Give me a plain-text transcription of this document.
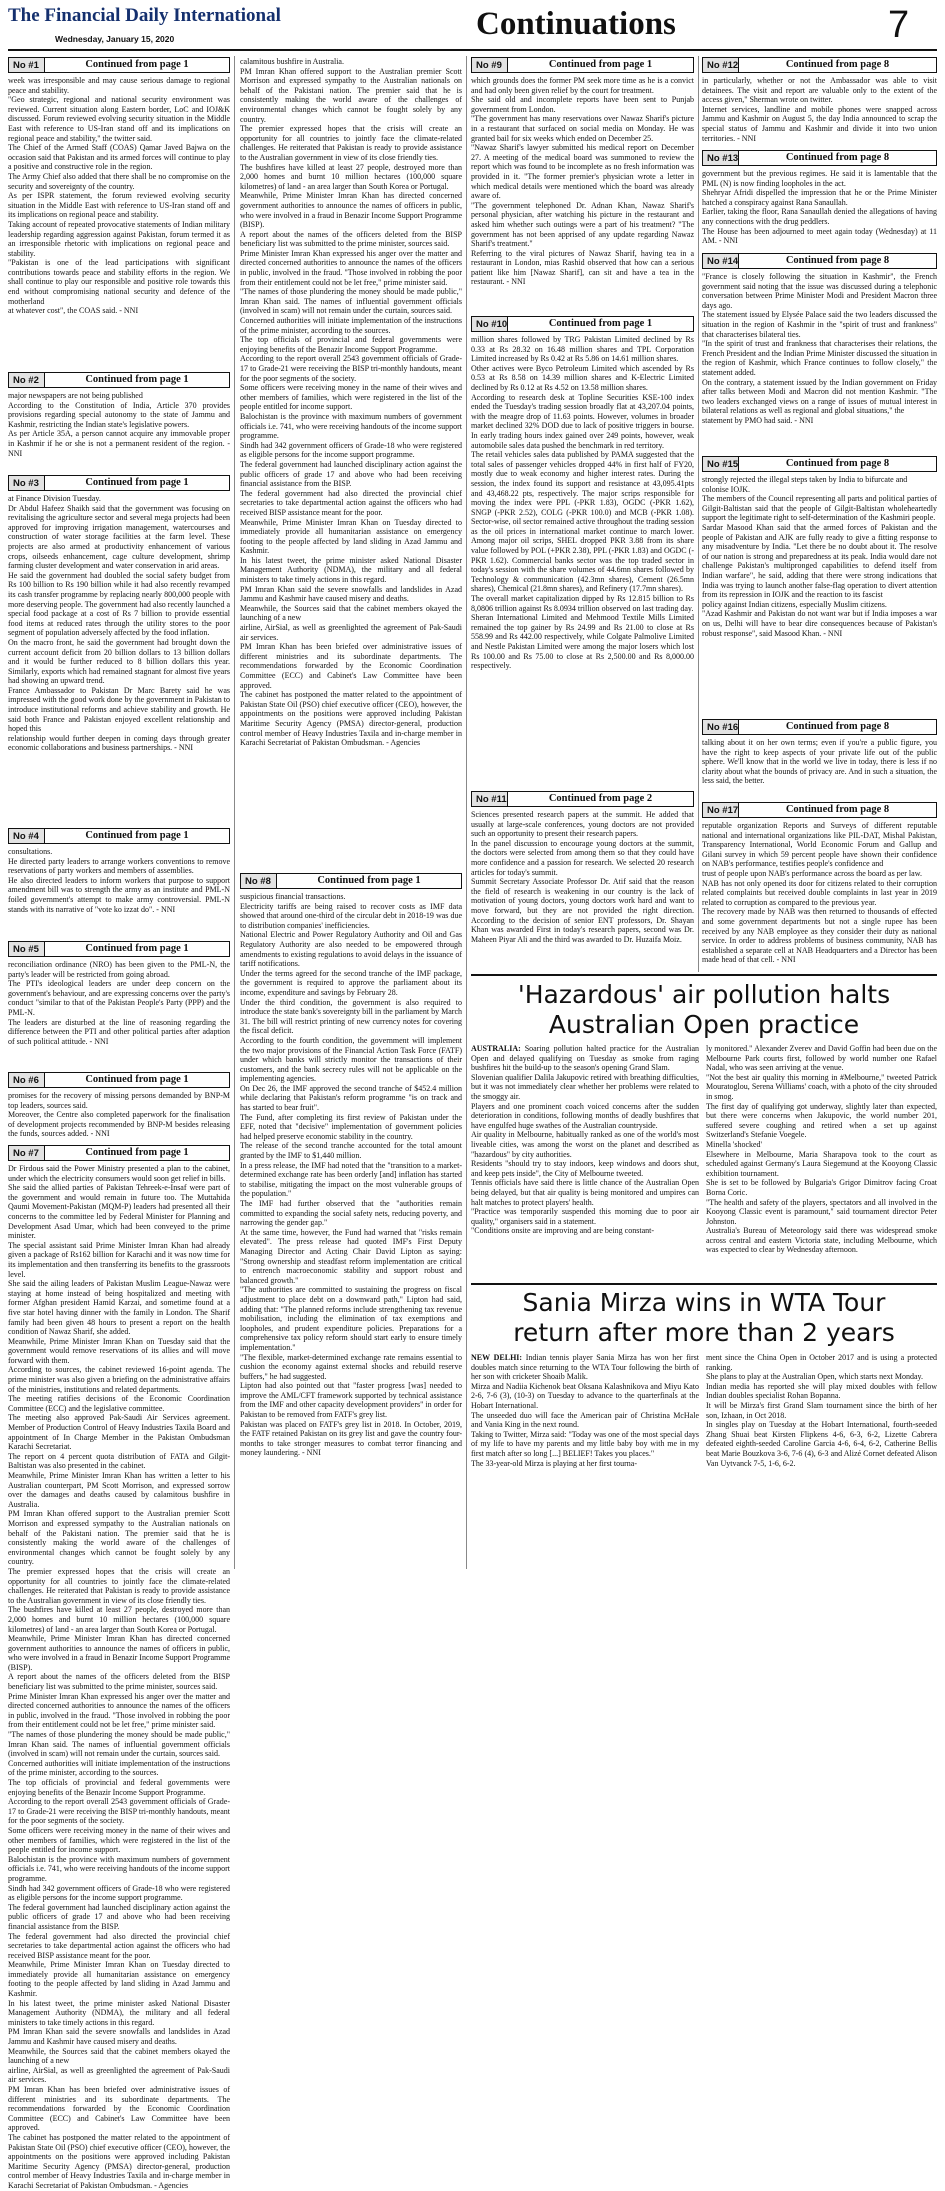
The Financial Daily International
Wednesday, January 15, 2020	Continuations	7
No #1	Continued from page 1
week was irresponsible and may cause serious damage to regional peace and stability.
"Geo strategic, regional and national security environment was reviewed. Current situation along Eastern border, LoC and IOJ&K discussed. Forum reviewed evolving security situation in the Middle East with reference to US-Iran stand off and its implications on regional peace and stability," the twitter said.
The Chief of the Armed Staff (COAS) Qamar Javed Bajwa on the occasion said that Pakistan and its armed forces will continue to play a positive and constructive role in the region.
The Army Chief also added that there shall be no compromise on the security and sovereignty of the country.
As per ISPR statement, the forum reviewed evolving security situation in the Middle East with reference to US-Iran stand off and its implications on regional peace and stability.
Taking account of repeated provocative statements of Indian military leadership regarding aggression against Pakistan, forum termed it as an irresponsible rhetoric with implications on regional peace and stability.
"Pakistan is one of the lead participations with significant contributions towards peace and stability efforts in the region. We shall continue to play our responsible and positive role towards this end without compromising national security and defence of the motherland
at whatever cost", the COAS said. - NNI
No #2	Continued from page 1
major newspapers are not being published
According to the Constitution of India, Article 370 provides provisions regarding special autonomy to the state of Jammu and Kashmir, restricting the Indian state's legislative powers.
As per Article 35A, a person cannot acquire any immovable proper in Kashmir if he or she is not a permanent resident of the region. - NNI
No #3	Continued from page 1
at Finance Division Tuesday.
Dr Abdul Hafeez Shaikh said that the government was focusing on revitalising the agriculture sector and several mega projects had been approved for improving irrigation management, watercourses and construction of water storage facilities at the farm level. These projects are also armed at productivity enhancement of various crops, oilseeds enhancement, cage culture development, shrimp farming cluster development and water conservation in arid areas.
He said the government had doubled the social safety budget from Rs 100 billion to Rs 190 billion while it had also recently revamped its cash transfer programme by replacing nearly 800,000 people with more deserving people. The government had also recently launched a special food package at a cost of Rs 7 billion to provide essential food items at reduced rates through the utility stores to the poor segment of population adversely affected by the food inflation.
On the macro front, he said the government had brought down the current account deficit from 20 billion dollars to 13 billion dollars and it would be further reduced to 8 billion dollars this year. Similarly, exports which had remained stagnant for almost five years had showing an upward trend.
France Ambassador to Pakistan Dr Marc Barety said he was impressed with the good work done by the government in Pakistan to introduce institutional reforms and achieve stability and growth. He said both France and Pakistan enjoyed excellent relationship and hoped this
relationship would further deepen in coming days through greater economic collaborations and business partnerships. - NNI
No #4	Continued from page 1
consultations.
He directed party leaders to arrange workers conventions to remove reservations of party workers and members of assemblies.
He also directed leaders to inform workers that purpose to support amendment bill was to strength the army as an institute and PML-N foiled government's attempt to make army controversial. PML-N stands with its narrative of "vote ko izzat do". - NNI
No #5	Continued from page 1
reconciliation ordinance (NRO) has been given to the PML-N, the party's leader will be restricted from going abroad.
The PTI's ideological leaders are under deep concern on the government's behaviour, and are expressing concerns over the party's conduct "similar to that of the Pakistan People's Party (PPP) and the PML-N.
The leaders are disturbed at the line of reasoning regarding the difference between the PTI and other political parties after adaption of such political attitude. - NNI
No #6	Continued from page 1
promises for the recovery of missing persons demanded by BNP-M top leaders, sources said.
Moreover, the Centre also completed paperwork for the finalisation of development projects recommended by BNP-M besides releasing the funds, sources added. - NNI
No #7	Continued from page 1
Dr Firdous said the Power Ministry presented a plan to the cabinet, under which the electricity consumers would soon get relief in bills.
She said the allied parties of Pakistan Tehreek-e-Insaf were part of the government and would remain in future too. The Muttahida Qaumi Movement-Pakistan (MQM-P) leaders had presented all their concerns to the committee led by Federal Minister for Planning and Development Asad Umar, which had been conveyed to the prime minister.
The special assistant said Prime Minister Imran Khan had already given a package of Rs162 billion for Karachi and it was now time for its implementation and then transferring its benefits to the grassroots level.
She said the ailing leaders of Pakistan Muslim League-Nawaz were staying at home instead of being hospitalized and meeting with former Afghan president Hamid Karzai, and sometime found at a five star hotel having dinner with the family in London. The Sharif family had been given 48 hours to present a report on the health condition of Nawaz Sharif, she added.
Meanwhile, Prime Minister Imran Khan on Tuesday said that the government would remove reservations of its allies and will move forward with them.
According to sources, the cabinet reviewed 16-point agenda. The prime minister was also given a briefing on the administrative affairs of the ministries, institutions and related departments.
The meeting ratifies decisions of the Economic Coordination Committee (ECC) and the legislative committee.
The meeting also approved Pak-Saudi Air Services agreement. Member of Production Control of Heavy Industries Taxila Board and appointment of In Charge Member in the Pakistan Ombudsman Karachi Secretariat.
The report on 4 percent quota distribution of FATA and Gilgit-Baltistan was also presented in the cabinet.
Meanwhile, Prime Minister Imran Khan has written a letter to his Australian counterpart, PM Scott Morrison, and expressed sorrow over the damages and deaths caused by calamitous bushfire in Australia.
PM Imran Khan offered support to the Australian premier Scott Morrison and expressed sympathy to the Australian nationals on behalf of the Pakistani nation. The premier said that he is consistently making the world aware of the challenges of environmental changes which cannot be fought solely by any country.
The premier expressed hopes that the crisis will create an opportunity for all countries to jointly face the climate-related challenges. He reiterated that Pakistan is ready to provide assistance to the Australian government in view of its close friendly ties.
The bushfires have killed at least 27 people, destroyed more than 2,000 homes and burnt 10 million hectares (100,000 square kilometres) of land - an area larger than South Korea or Portugal.
Meanwhile, Prime Minister Imran Khan has directed concerned government authorities to announce the names of officers in public, who were involved in a fraud in Benazir Income Support Programme (BISP).
A report about the names of the officers deleted from the BISP beneficiary list was submitted to the prime minister, sources said.
Prime Minister Imran Khan expressed his anger over the matter and directed concerned authorities to announce the names of the officers in public, involved in the fraud. "Those involved in robbing the poor from their entitlement could not be let free," prime minister said.
"The names of those plundering the money should be made public," Imran Khan said. The names of influential government officials (involved in scam) will not remain under the curtain, sources said.
Concerned authorities will initiate implementation of the instructions of the prime minister, according to the sources.
The top officials of provincial and federal governments were enjoying benefits of the Benazir Income Support Programme.
According to the report overall 2543 government officials of Grade-17 to Grade-21 were receiving the BISP tri-monthly handouts, meant for the poor segments of the society.
Some officers were receiving money in the name of their wives and other members of families, which were registered in the list of the people entitled for income support.
Balochistan is the province with maximum numbers of government officials i.e. 741, who were receiving handouts of the income support programme.
Sindh had 342 government officers of Grade-18 who were registered as eligible persons for the income support programme.
The federal government had launched disciplinary action against the public officers of grade 17 and above who had been receiving financial assistance from the BISP.
The federal government had also directed the provincial chief secretaries to take departmental action against the officers who had received BISP assistance meant for the poor.
Meanwhile, Prime Minister Imran Khan on Tuesday directed to immediately provide all humanitarian assistance on emergency footing to the people affected by land sliding in Azad Jammu and Kashmir.
In his latest tweet, the prime minister asked National Disaster Management Authority (NDMA), the military and all federal ministers to take timely actions in this regard.
PM Imran Khan said the severe snowfalls and landslides in Azad Jammu and Kashmir have caused misery and deaths.
Meanwhile, the Sources said that the cabinet members okayed the launching of a new
airline, AirSial, as well as greenlighted the agreement of Pak-Saudi air services.
PM Imran Khan has been briefed over administrative issues of different ministries and its subordinate departments. The recommendations forwarded by the Economic Coordination Committee (ECC) and Cabinet's Law Committee have been approved.
The cabinet has postponed the matter related to the appointment of Pakistan State Oil (PSO) chief executive officer (CEO), however, the appointments on the positions were approved including Pakistan Maritime Security Agency (PMSA) director-general, production control member of Heavy Industries Taxila and in-charge member in Karachi Secretariat of Pakistan Ombudsman. - Agencies
calamitous bushfire in Australia.
PM Imran Khan offered support to the Australian premier Scott Morrison and expressed sympathy to the Australian nationals on behalf of the Pakistani nation. The premier said that he is consistently making the world aware of the challenges of environmental changes which cannot be fought solely by any country.
The premier expressed hopes that the crisis will create an opportunity for all countries to jointly face the climate-related challenges. He reiterated that Pakistan is ready to provide assistance to the Australian government in view of its close friendly ties.
The bushfires have killed at least 27 people, destroyed more than 2,000 homes and burnt 10 million hectares (100,000 square kilometres) of land - an area larger than South Korea or Portugal.
Meanwhile, Prime Minister Imran Khan has directed concerned government authorities to announce the names of officers in public, who were involved in a fraud in Benazir Income Support Programme (BISP).
A report about the names of the officers deleted from the BISP beneficiary list was submitted to the prime minister, sources said.
Prime Minister Imran Khan expressed his anger over the matter and directed concerned authorities to announce the names of the officers in public, involved in the fraud. "Those involved in robbing the poor from their entitlement could not be let free," prime minister said.
"The names of those plundering the money should be made public," Imran Khan said. The names of influential government officials (involved in scam) will not remain under the curtain, sources said.
Concerned authorities will initiate implementation of the instructions of the prime minister, according to the sources.
The top officials of provincial and federal governments were enjoying benefits of the Benazir Income Support Programme.
According to the report overall 2543 government officials of Grade-17 to Grade-21 were receiving the BISP tri-monthly handouts, meant for the poor segments of the society.
Some officers were receiving money in the name of their wives and other members of families, which were registered in the list of the people entitled for income support.
Balochistan is the province with maximum numbers of government officials i.e. 741, who were receiving handouts of the income support programme.
Sindh had 342 government officers of Grade-18 who were registered as eligible persons for the income support programme.
The federal government had launched disciplinary action against the public officers of grade 17 and above who had been receiving financial assistance from the BISP.
The federal government had also directed the provincial chief secretaries to take departmental action against the officers who had received BISP assistance meant for the poor.
Meanwhile, Prime Minister Imran Khan on Tuesday directed to immediately provide all humanitarian assistance on emergency footing to the people affected by land sliding in Azad Jammu and Kashmir.
In his latest tweet, the prime minister asked National Disaster Management Authority (NDMA), the military and all federal ministers to take timely actions in this regard.
PM Imran Khan said the severe snowfalls and landslides in Azad Jammu and Kashmir have caused misery and deaths.
Meanwhile, the Sources said that the cabinet members okayed the launching of a new
airline, AirSial, as well as greenlighted the agreement of Pak-Saudi air services.
PM Imran Khan has been briefed over administrative issues of different ministries and its subordinate departments. The recommendations forwarded by the Economic Coordination Committee (ECC) and Cabinet's Law Committee have been approved.
The cabinet has postponed the matter related to the appointment of Pakistan State Oil (PSO) chief executive officer (CEO), however, the appointments on the positions were approved including Pakistan Maritime Security Agency (PMSA) director-general, production control member of Heavy Industries Taxila and in-charge member in Karachi Secretariat of Pakistan Ombudsman. - Agencies
No #8	Continued from page 1
suspicious financial transactions.
Electricity tariffs are being raised to recover costs as IMF data showed that around one-third of the circular debt in 2018-19 was due to distribution companies' inefficiencies.
National Electric and Power Regulatory Authority and Oil and Gas Regulatory Authority are also needed to be empowered through amendments to existing regulations to avoid delays in the issuance of tariff notifications.
Under the terms agreed for the second tranche of the IMF package, the government is required to approve the parliament about its income, expenditure and savings by February 28.
Under the third condition, the government is also required to introduce the state bank's sovereignty bill in the parliament by March 31. The bill will restrict printing of new currency notes for covering the fiscal deficit.
According to the fourth condition, the government will implement the two major provisions of the Financial Action Task Force (FATF) under which banks will strictly monitor the transactions of their customers, and the bank secrecy rules will not be applicable on the implementing agencies.
On Dec 26, the IMF approved the second tranche of $452.4 million while declaring that Pakistan's reform programme "is on track and has started to bear fruit".
The Fund, after completing its first review of Pakistan under the EFF, noted that "decisive" implementation of government policies had helped preserve economic stability in the country.
The release of the second tranche accounted for the total amount granted by the IMF to $1,440 million.
In a press release, the IMF had noted that the "transition to a market-determined exchange rate has been orderly [and] inflation has started to stabilise, mitigating the impact on the most vulnerable groups of the population."
The IMF had further observed that the "authorities remain committed to expanding the social safety nets, reducing poverty, and narrowing the gender gap."
At the same time, however, the Fund had warned that "risks remain elevated". The press release had quoted IMF's First Deputy Managing Director and Acting Chair David Lipton as saying: "Strong ownership and steadfast reform implementation are critical to entrench macroeconomic stability and support robust and balanced growth."
"The authorities are committed to sustaining the progress on fiscal adjustment to place debt on a downward path," Lipton had said, adding that: "The planned reforms include strengthening tax revenue mobilisation, including the elimination of tax exemptions and loopholes, and prudent expenditure policies. Preparations for a comprehensive tax policy reform should start early to ensure timely implementation."
"The flexible, market-determined exchange rate remains essential to cushion the economy against external shocks and rebuild reserve buffers," he had suggested.
Lipton had also pointed out that "faster progress [was] needed to improve the AML/CFT framework supported by technical assistance from the IMF and other capacity development providers" in order for Pakistan to be removed from FATF's grey list.
Pakistan was placed on FATF's grey list in 2018. In October, 2019, the FATF retained Pakistan on its grey list and gave the country four-months to take stronger measures to combat terror financing and money laundering. - NNI
No #9	Continued from page 1
which grounds does the former PM seek more time as he is a convict and had only been given relief by the court for treatment.
She said old and incomplete reports have been sent to Punjab government from London.
"The government has many reservations over Nawaz Sharif's picture in a restaurant that surfaced on social media on Monday. He was granted bail for six weeks which ended on December 25.
"Nawaz Sharif's lawyer submitted his medical report on December 27. A meeting of the medical board was summoned to review the report which was found to be incomplete as no fresh information was provided in it. "The former premier's physician wrote a letter in which medical details were mentioned which the board was already aware of.
"The government telephoned Dr. Adnan Khan, Nawaz Sharif's personal physician, after watching his picture in the restaurant and asked him whether such outings were a part of his treatment? "The government has not been apprised of any update regarding Nawaz Sharif's treatment."
Referring to the viral pictures of Nawaz Sharif, having tea in a restaurant in London, mias Rashid observed that how can a serious patient like him [Nawaz Sharif], can sit and have a tea in the restaurant. - NNI
No #10	Continued from page 1
million shares followed by TRG Pakistan Limited declined by Rs 0.33 at Rs 28.32 on 16.48 million shares and TPL Corporation Limited increased by Rs 0.42 at Rs 5.86 on 14.61 million shares.
Other actives were Byco Petroleum Limited which ascended by Rs 0.53 at Rs 8.58 on 14.39 million shares and K-Electric Limited declined by Rs 0.12 at Rs 4.52 on 13.58 million shares.
According to research desk at Topline Securities KSE-100 index ended the Tuesday's trading session broadly flat at 43,207.04 points, with the meagre drop of 11.63 points. However, volumes in broader market declined 32% DOD due to lack of positive triggers in bourse. In early trading hours index gained over 249 points, however, weak automobile sales data pushed the benchmark in red territory.
The retail vehicles sales data published by PAMA suggested that the total sales of passenger vehicles dropped 44% in first half of FY20, mostly due to weak economy and higher interest rates. During the session, the index found its support and resistance at 43,095.41pts and 43,468.22 pts, respectively. The major scrips responsible for moving the index were PPL (-PKR 1.83), OGDC (-PKR 1.62), SNGP (-PKR 2.52), COLG (-PKR 100.0) and MCB (-PKR 1.08). Sector-wise, oil sector remained active throughout the trading session as the oil prices in international market continue to march lower. Among major oil scrips, SHEL dropped PKR 3.88 from its share value followed by POL (+PKR 2.38), PPL (-PKR 1.83) and OGDC (-PKR 1.62). Commercial banks sector was the top traded sector in today's session with the share volumes of 44.6mn shares followed by Technology & communication (42.3mn shares), Cement (26.5mn shares), Chemical (21.8mn shares), and Refinery (17.7mn shares).
The overall market capitalization dipped by Rs 12.815 billion to Rs 8,0806 trillion against Rs 8.0934 trillion observed on last trading day.
Sheran International Limited and Mehmood Textile Mills Limited remained the top gainer by Rs 24.99 and Rs 21.00 to close at Rs 558.99 and Rs 442.00 respectively, while Colgate Palmolive Limited and Nestle Pakistan Limited were among the major losers which lost Rs 100.00 and Rs 75.00 to close at Rs 2,500.00 and Rs 8,000.00 respectively.
No #11	Continued from page 2
Sciences presented research papers at the summit. He added that usually at large-scale conferences, young doctors are not provided such an opportunity to present their research papers.
In the panel discussion to encourage young doctors at the summit, the doctors were selected from among them so that they could have more confidence and a passion for research. We selected 20 research articles for today's summit.
Summit Secretary Associate Professor Dr. Atif said that the reason the field of research is weakening in our country is the lack of motivation of young doctors, young doctors work hard and want to move forward, but they are not provided the right direction. According to the decision of senior ENT professors, Dr. Shayan Khan was awarded First in today's research papers, second was Dr. Maheen Piyar Ali and the third was awarded to Dr. Huzaifa Moiz.
No #12	Continued from page 8
in particularly, whether or not the Ambassador was able to visit detainees. The visit and report are valuable only to the extent of the access given," Sherman wrote on twitter.
Internet services, landline and mobile phones were snapped across Jammu and Kashmir on August 5, the day India announced to scrap the special status of Jammu and Kashmir and divide it into two union territories. - NNI
No #13	Continued from page 8
government but the previous regimes. He said it is lamentable that the PML (N) is now finding loopholes in the act.
Shehryar Afridi dispelled the impression that he or the Prime Minister hatched a conspiracy against Rana Sanaullah.
Earlier, taking the floor, Rana Sanaullah denied the allegations of having any connections with the drug peddlers.
The House has been adjourned to meet again today (Wednesday) at 11 AM. - NNI
No #14	Continued from page 8
"France is closely following the situation in Kashmir", the French government said noting that the issue was discussed during a telephonic conversation between Prime Minister Modi and President Macron three days ago.
The statement issued by Elysée Palace said the two leaders discussed the situation in the region of Kashmir in the "spirit of trust and frankness" that characterises bilateral ties.
"In the spirit of trust and frankness that characterises their relations, the French President and the Indian Prime Minister discussed the situation in the region of Kashmir, which France continues to follow closely," the statement added.
On the contrary, a statement issued by the Indian government on Friday after talks between Modi and Macron did not mention Kashmir. "The two leaders exchanged views on a range of issues of mutual interest in bilateral relations as well as regional and global situations," the
statement by PMO had said. - NNI
No #15	Continued from page 8
strongly rejected the illegal steps taken by India to bifurcate and
colonise IOJK.
The members of the Council representing all parts and political parties of Gilgit-Baltistan said that the people of Gilgit-Baltistan wholeheartedly support the legitimate right to self-determination of the Kashmiri people.
Sardar Masood Khan said that the armed forces of Pakistan and the people of Pakistan and AJK are fully ready to give a fitting response to any misadventure by India. "Let there be no doubt about it. The resolve of our nation is strong and preparedness at its peak. India would dare not challenge Pakistan's multipronged capabilities to defend itself from Indian warfare", he said, adding that there were strong indications that India was trying to launch another false-flag operation to divert attention from its repression in IOJK and the reaction to its fascist
policy against Indian citizens, especially Muslim citizens.
"Azad Kashmir and Pakistan do not want war but if India imposes a war on us, Delhi will have to bear dire consequences because of Pakistan's robust response", said Masood Khan. - NNI
No #16	Continued from page 8
talking about it on her own terms; even if you're a public figure, you have the right to keep aspects of your private life out of the public sphere. We'll know that in the world we live in today, there is less if no clarity about what the bounds of privacy are. And in such a situation, the less said, the better.
No #17	Continued from page 8
reputable organization Reports and Surveys of different reputable national and international organizations like PIL-DAT, Mishal Pakistan, Transparency International, World Economic Forum and Gallup and Gilani survey in which 59 percent people have shown their confidence on NAB's performance, testifies people's confidence and
trust of people upon NAB's performance across the board as per law.
NAB has not only opened its door for citizens related to their corruption related complaints but received double complaints in last year in 2019 related to corruption as compared to the previous year.
The recovery made by NAB was then returned to thousands of effected and some government departments but not a single rupee has been received by any NAB employee as they consider their duty as national service. In order to address problems of business community, NAB has established a separate cell at NAB Headquarters and a Director has been made head of that cell. - NNI
'Hazardous' air pollution halts
Australian Open practice
AUSTRALIA: Soaring pollution halted practice for the Australian Open and delayed qualifying on Tuesday as smoke from raging bushfires hit the build-up to the season's opening Grand Slam.
Slovenian qualifier Dalila Jakupovic retired with breathing difficulties, but it was not immediately clear whether her problems were related to the smoggy air.
Players and one prominent coach voiced concerns after the sudden deterioration in conditions, following months of deadly bushfires that have engulfed huge swathes of the Australian countryside.
Air quality in Melbourne, habitually ranked as one of the world's most liveable cities, was among the worst on the planet and described as "hazardous" by city authorities.
Residents "should try to stay indoors, keep windows and doors shut, and keep pets inside", the City of Melbourne tweeted.
Tennis officials have said there is little chance of the Australian Open being delayed, but that air quality is being monitored and umpires can halt matches to protect players' health.
"Practice was temporarily suspended this morning due to poor air quality," organisers said in a statement.
"Conditions onsite are improving and are being constant-
ly monitored." Alexander Zverev and David Goffin had been due on the Melbourne Park courts first, followed by world number one Rafael Nadal, who was seen arriving at the venue.
"Not the best air quality this morning in #Melbourne," tweeted Patrick Mouratoglou, Serena Williams' coach, with a photo of the city shrouded in smog.
The first day of qualifying got underway, slightly later than expected, but there were concerns when Jakupovic, the world number 201, suffered severe coughing and retired when a set up against Switzerland's Stefanie Voegele.
Minella 'shocked'
Elsewhere in Melbourne, Maria Sharapova took to the court as scheduled against Germany's Laura Siegemund at the Kooyong Classic exhibition tournament.
She is set to be followed by Bulgaria's Grigor Dimitrov facing Croat Borna Coric.
"The health and safety of the players, spectators and all involved in the Kooyong Classic event is paramount," said tournament director Peter Johnston.
Australia's Bureau of Meteorology said there was widespread smoke across central and eastern Victoria state, including Melbourne, which was expected to clear by Wednesday afternoon.
Sania Mirza wins in WTA Tour
return after more than 2 years
NEW DELHI: Indian tennis player Sania Mirza has won her first doubles match since returning to the WTA Tour following the birth of her son with cricketer Shoaib Malik.
Mirza and Nadiia Kichenok beat Oksana Kalashnikova and Miyu Kato 2-6, 7-6 (3), (10-3) on Tuesday to advance to the quarterfinals at the Hobart International.
The unseeded duo will face the American pair of Christina McHale and Vania King in the next round.
Taking to Twitter, Mirza said: "Today was one of the most special days of my life to have my parents and my little baby boy with me in my first match after so long [...] BELIEF! Takes you places."
The 33-year-old Mirza is playing at her first tourna-
ment since the China Open in October 2017 and is using a protected ranking.
She plans to play at the Australian Open, which starts next Monday.
Indian media has reported she will play mixed doubles with fellow Indian doubles specialist Rohan Bopanna.
It will be Mirza's first Grand Slam tournament since the birth of her son, Izhaan, in Oct 2018.
In singles play on Tuesday at the Hobart International, fourth-seeded Zhang Shuai beat Kirsten Flipkens 4-6, 6-3, 6-2, Lizette Cabrera defeated eighth-seeded Caroline Garcia 4-6, 6-4, 6-2, Catherine Bellis beat Marie Bouzkova 3-6, 7-6 (4), 6-3 and Alizé Cornet defeated Alison Van Uytvanck 7-5, 1-6, 6-2.
